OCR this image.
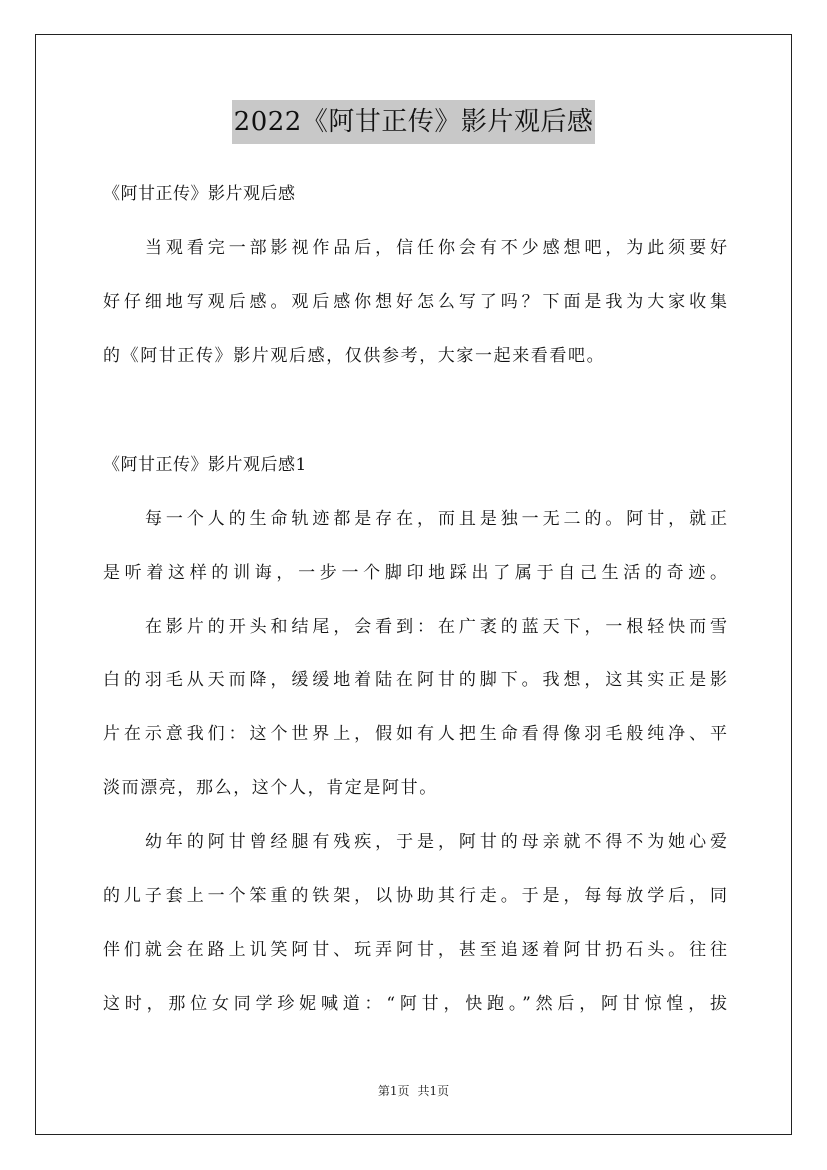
2022《阿甘正传》影片观后感
《阿甘正传》影片观后感
当观看完一部影视作品后，信任你会有不少感想吧，为此须要好
好仔细地写观后感。观后感你想好怎么写了吗？下面是我为大家收集
的《阿甘正传》影片观后感，仅供参考，大家一起来看看吧。
《阿甘正传》影片观后感1
每一个人的生命轨迹都是存在，而且是独一无二的。阿甘，就正
是听着这样的训诲，一步一个脚印地踩出了属于自己生活的奇迹。
在影片的开头和结尾，会看到：在广袤的蓝天下，一根轻快而雪
白的羽毛从天而降，缓缓地着陆在阿甘的脚下。我想，这其实正是影
片在示意我们：这个世界上，假如有人把生命看得像羽毛般纯净、平
淡而漂亮，那么，这个人，肯定是阿甘。
幼年的阿甘曾经腿有残疾，于是，阿甘的母亲就不得不为她心爱
的儿子套上一个笨重的铁架，以协助其行走。于是，每每放学后，同
伴们就会在路上讥笑阿甘、玩弄阿甘，甚至追逐着阿甘扔石头。往往
这时，那位女同学珍妮喊道：“阿甘，快跑。”然后，阿甘惊惶，拔
第1页 共1页
